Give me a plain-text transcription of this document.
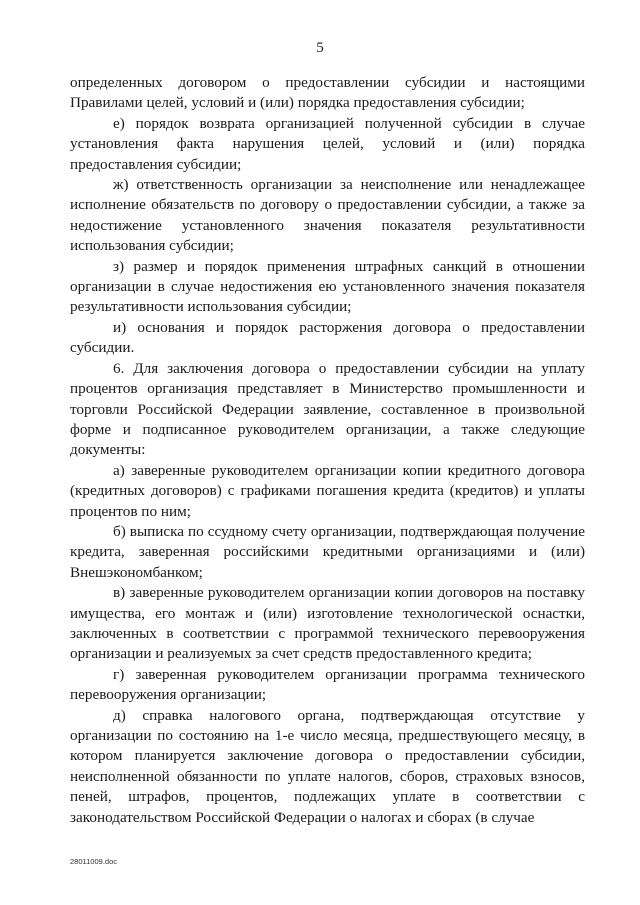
5

определенных договором о предоставлении субсидии и настоящими Правилами целей, условий и (или) порядка предоставления субсидии;

е) порядок возврата организацией полученной субсидии в случае установления факта нарушения целей, условий и (или) порядка предоставления субсидии;

ж) ответственность организации за неисполнение или ненадлежащее исполнение обязательств по договору о предоставлении субсидии, а также за недостижение установленного значения показателя результативности использования субсидии;

з) размер и порядок применения штрафных санкций в отношении организации в случае недостижения ею установленного значения показателя результативности использования субсидии;

и) основания и порядок расторжения договора о предоставлении субсидии.

6. Для заключения договора о предоставлении субсидии на уплату процентов организация представляет в Министерство промышленности и торговли Российской Федерации заявление, составленное в произвольной форме и подписанное руководителем организации, а также следующие документы:

а) заверенные руководителем организации копии кредитного договора (кредитных договоров) с графиками погашения кредита (кредитов) и уплаты процентов по ним;

б) выписка по ссудному счету организации, подтверждающая получение кредита, заверенная российскими кредитными организациями и (или) Внешэкономбанком;

в) заверенные руководителем организации копии договоров на поставку имущества, его монтаж и (или) изготовление технологической оснастки, заключенных в соответствии с программой технического перевооружения организации и реализуемых за счет средств предоставленного кредита;

г) заверенная руководителем организации программа технического перевооружения организации;

д) справка налогового органа, подтверждающая отсутствие у организации по состоянию на 1-е число месяца, предшествующего месяцу, в котором планируется заключение договора о предоставлении субсидии, неисполненной обязанности по уплате налогов, сборов, страховых взносов, пеней, штрафов, процентов, подлежащих уплате в соответствии с законодательством Российской Федерации о налогах и сборах (в случае

28011009.doc
